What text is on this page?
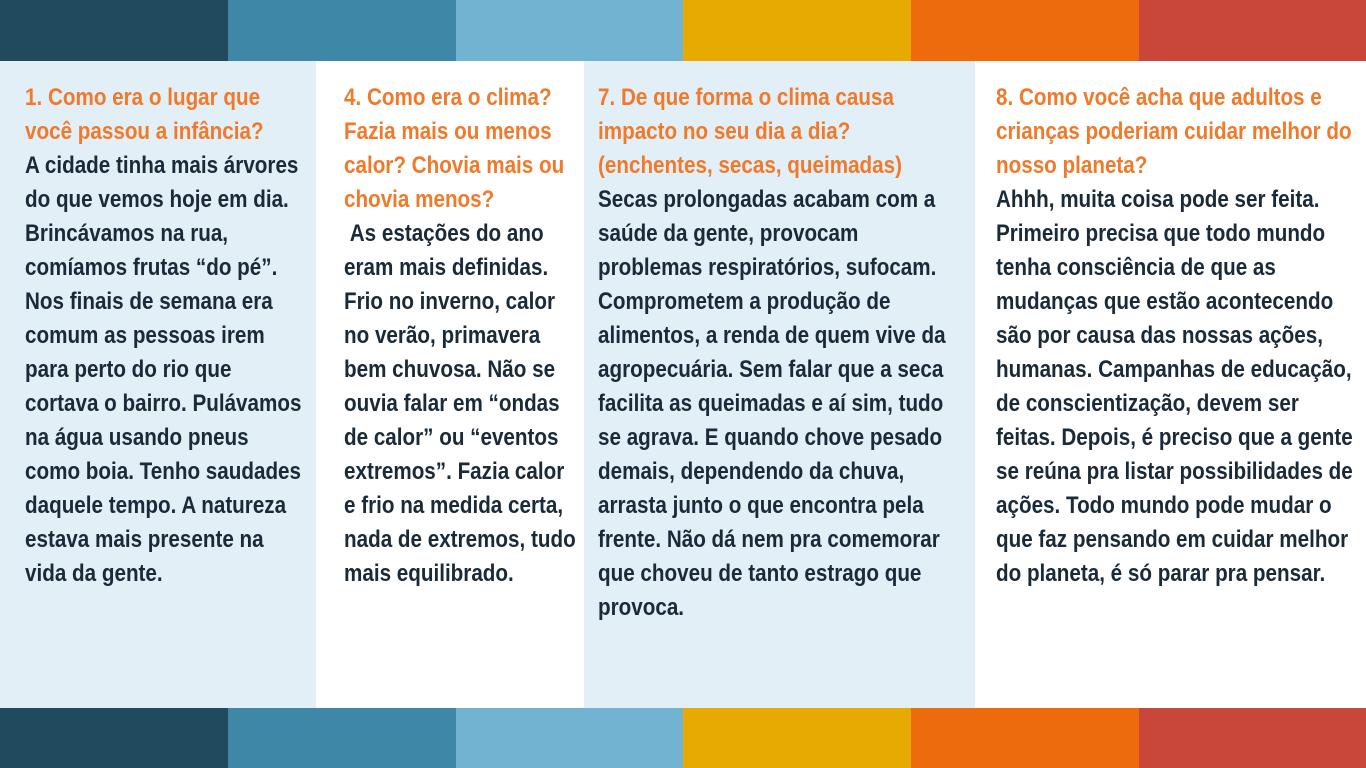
1. Como era o lugar que você passou a infância?

A cidade tinha mais árvores do que vemos hoje em dia. Brincávamos na rua, comíamos frutas “do pé”. Nos finais de semana era comum as pessoas irem para perto do rio que cortava o bairro. Pulávamos na água usando pneus como boia. Tenho saudades daquele tempo. A natureza estava mais presente na vida da gente.

4. Como era o clima? Fazia mais ou menos calor? Chovia mais ou chovia menos?

As estações do ano eram mais definidas. Frio no inverno, calor no verão, primavera bem chuvosa. Não se ouvia falar em “ondas de calor” ou “eventos extremos”. Fazia calor e frio na medida certa, nada de extremos, tudo mais equilibrado.

7. De que forma o clima causa impacto no seu dia a dia? (enchentes, secas, queimadas)

Secas prolongadas acabam com a saúde da gente, provocam problemas respiratórios, sufocam. Comprometem a produção de alimentos, a renda de quem vive da agropecuária. Sem falar que a seca facilita as queimadas e aí sim, tudo se agrava. E quando chove pesado demais, dependendo da chuva, arrasta junto o que encontra pela frente. Não dá nem pra comemorar que choveu de tanto estrago que provoca.

8. Como você acha que adultos e crianças poderiam cuidar melhor do nosso planeta?

Ahhh, muita coisa pode ser feita. Primeiro precisa que todo mundo tenha consciência de que as mudanças que estão acontecendo são por causa das nossas ações, humanas. Campanhas de educação, de conscientização, devem ser feitas. Depois, é preciso que a gente se reúna pra listar possibilidades de ações. Todo mundo pode mudar o que faz pensando em cuidar melhor do planeta, é só parar pra pensar.
